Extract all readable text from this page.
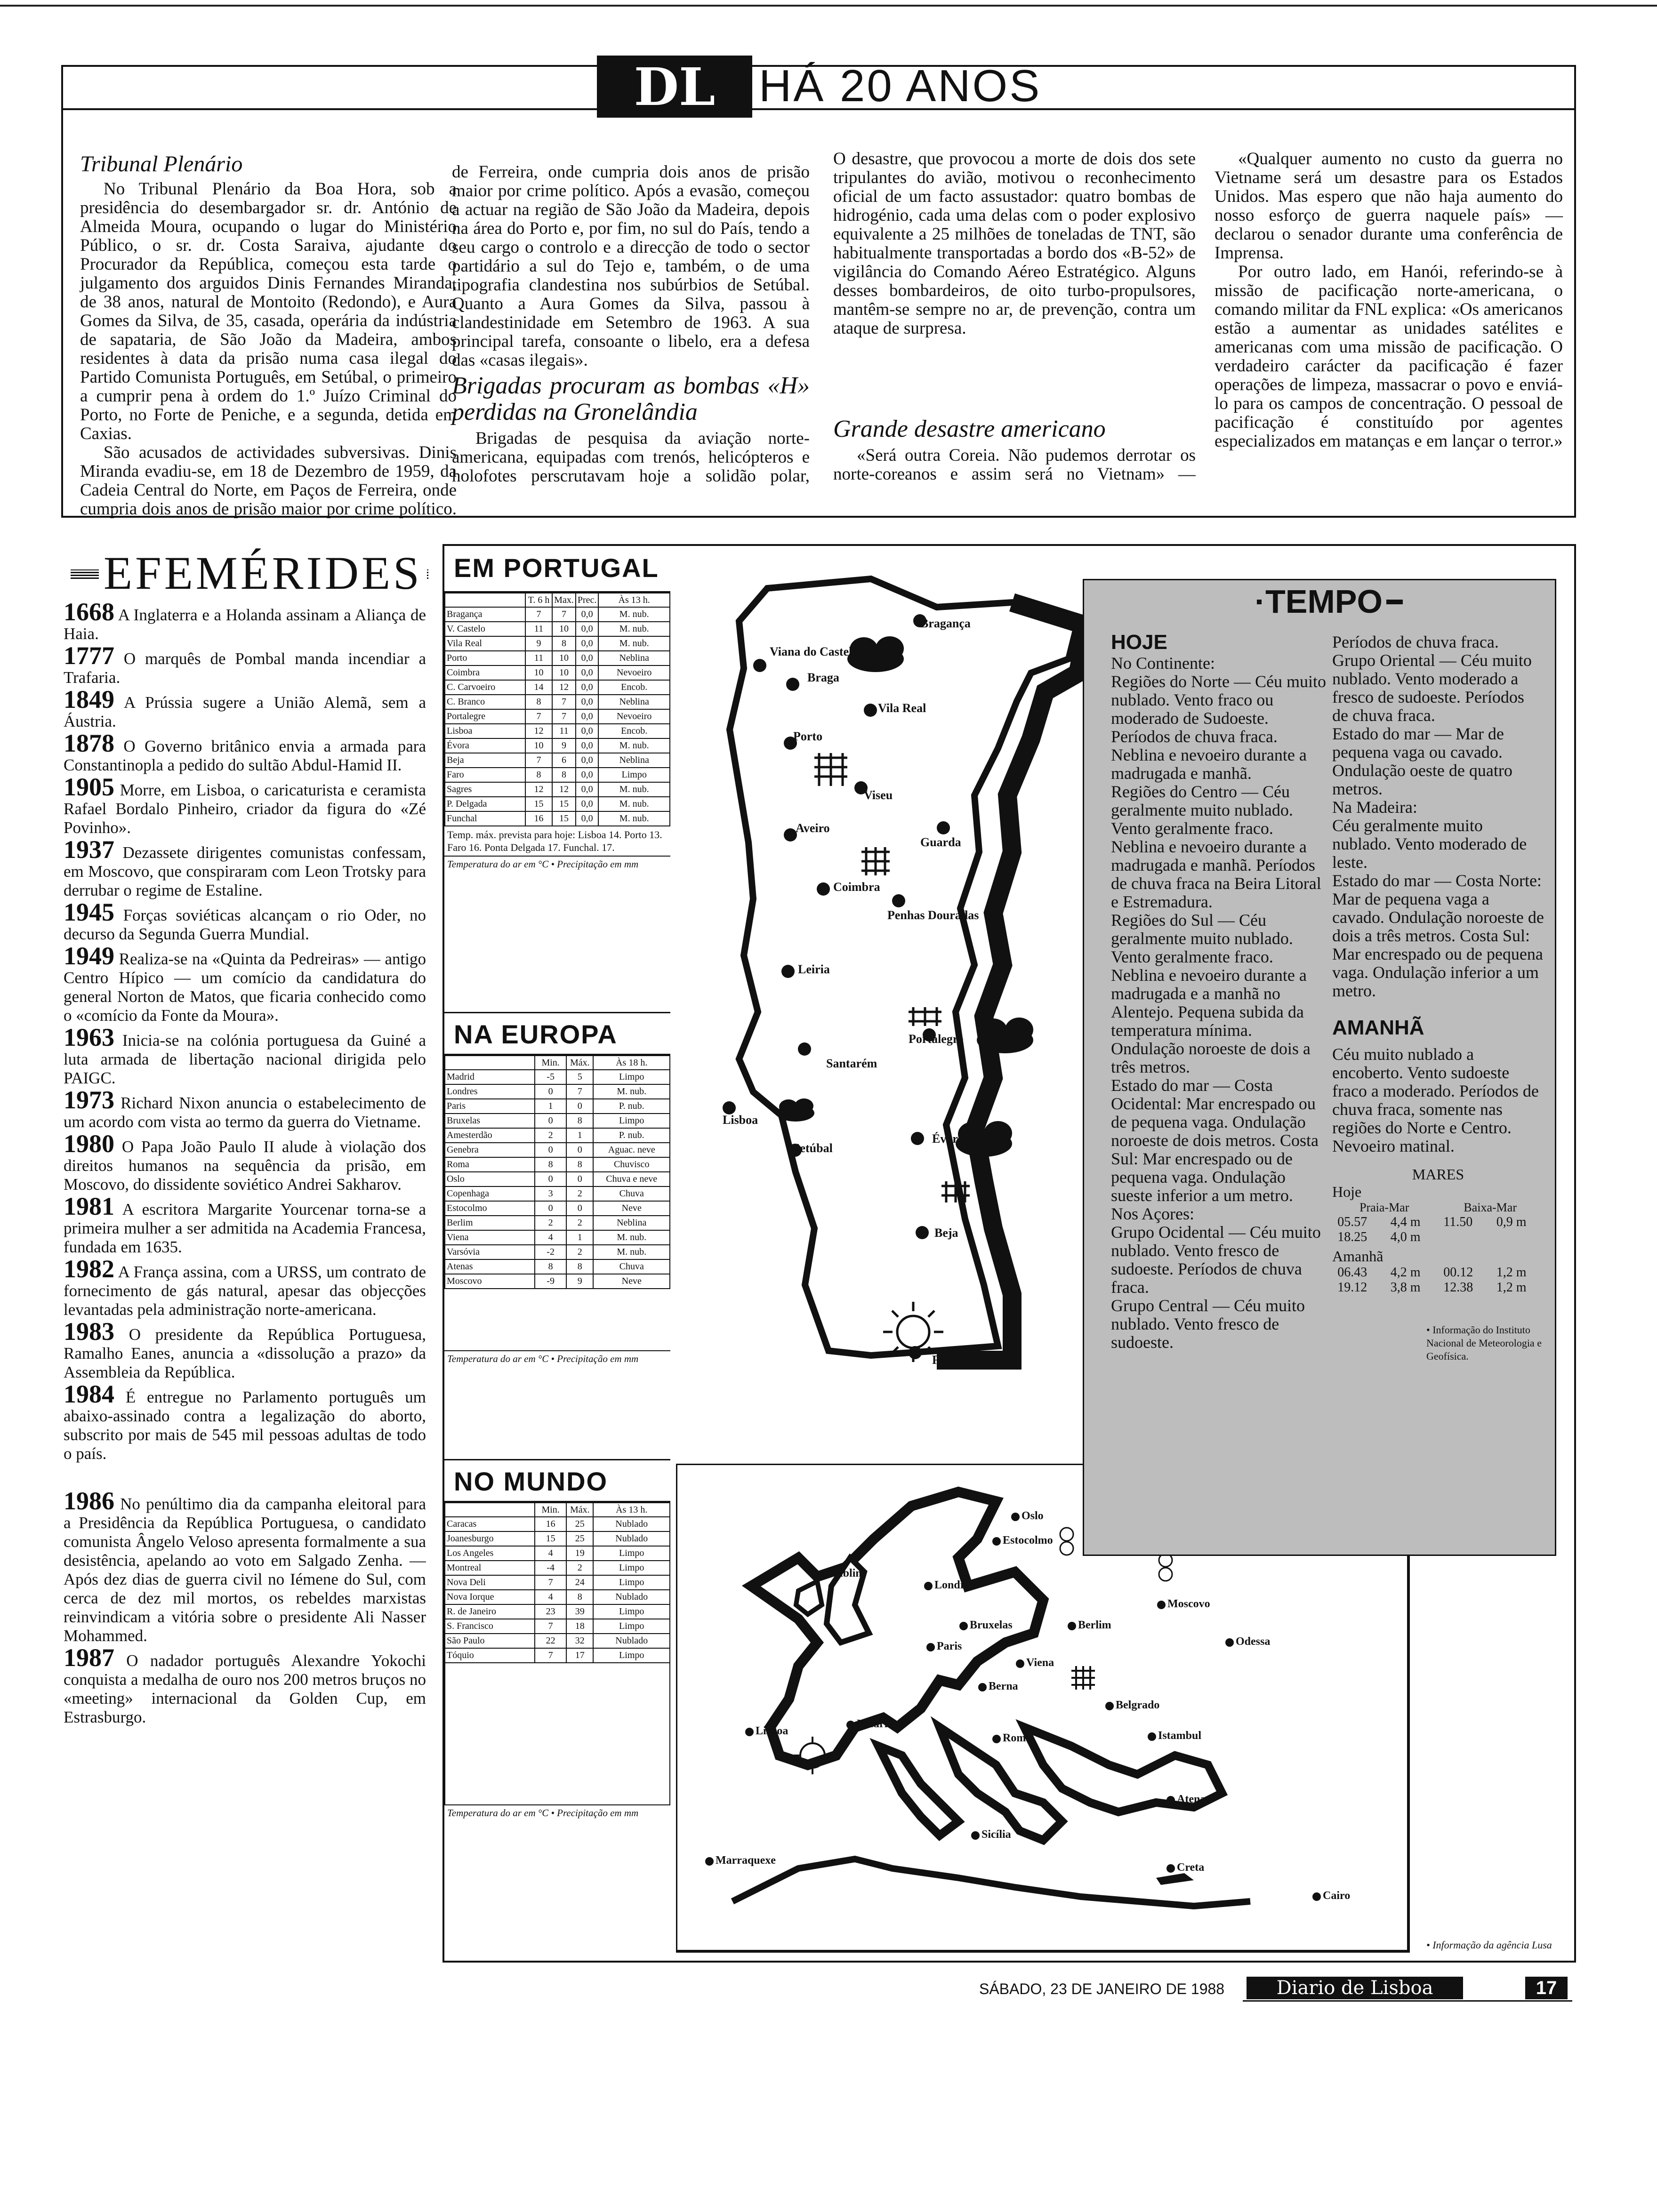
DL HÁ 20 ANOS
Tribunal Plenário

No Tribunal Plenário da Boa Hora, sob a presidência do desembargador sr. dr. António de Almeida Moura, ocupando o lugar do Ministério Público, o sr. dr. Costa Saraiva, ajudante do Procurador da República, começou esta tarde o julgamento dos arguidos Dinis Fernandes Miranda, de 38 anos, natural de Montoito (Redondo), e Aura Gomes da Silva, de 35, casada, operária da indústria de sapataria, de São João da Madeira, ambos residentes à data da prisão numa casa ilegal do Partido Comunista Português, em Setúbal, o primeiro a cumprir pena à ordem do 1.º Juízo Criminal do Porto, no Forte de Peniche, e a segunda, detida em Caxias.

São acusados de actividades subversivas. Dinis Miranda evadiu-se, em 18 de Dezembro de 1959, da Cadeia Central do Norte, em Paços de Ferreira, onde cumpria dois anos de prisão maior por crime político.

de Ferreira, onde cumpria dois anos de prisão maior por crime político. Após a evasão, começou a actuar na região de São João da Madeira, depois na área do Porto e, por fim, no sul do País, tendo a seu cargo o controlo e a direcção de todo o sector partidário a sul do Tejo e, também, o de uma tipografia clandestina nos subúrbios de Setúbal. Quanto a Aura Gomes da Silva, passou à clandestinidade em Setembro de 1963. A sua principal tarefa, consoante o libelo, era a defesa das «casas ilegais».

Brigadas procuram as bombas «H» perdidas na Gronelândia

Brigadas de pesquisa da aviação norte-americana, equipadas com trenós, helicópteros e holofotes perscrutavam hoje a solidão polar,

O desastre, que provocou a morte de dois dos sete tripulantes do avião, motivou o reconhecimento oficial de um facto assustador: quatro bombas de hidrogénio, cada uma delas com o poder explosivo equivalente a 25 milhões de toneladas de TNT, são habitualmente transportadas a bordo dos «B-52» de vigilância do Comando Aéreo Estratégico. Alguns desses bombardeiros, de oito turbo-propulsores, mantêm-se sempre no ar, de prevenção, contra um ataque de surpresa.

Grande desastre americano

«Será outra Coreia. Não pudemos derrotar os norte-coreanos e assim será no Vietnam» —

«Qualquer aumento no custo da guerra no Vietname será um desastre para os Estados Unidos. Mas espero que não haja aumento do nosso esforço de guerra naquele país» — declarou o senador durante uma conferência de Imprensa.

Por outro lado, em Hanói, referindo-se à missão de pacificação norte-americana, o comando militar da FNL explica: «Os americanos estão a aumentar as unidades satélites e americanas com uma missão de pacificação. O verdadeiro carácter da pacificação é fazer operações de limpeza, massacrar o povo e enviá-lo para os campos de concentração. O pessoal de pacificação é constituído por agentes especializados em matanças e em lançar o terror.»

EFEMÉRIDES
1668 A Inglaterra e a Holanda assinam a Aliança de Haia.
1777 O marquês de Pombal manda incendiar a Trafaria.
1849 A Prússia sugere a União Alemã, sem a Áustria.
1878 O Governo britânico envia a armada para Constantinopla a pedido do sultão Abdul-Hamid II.
1905 Morre, em Lisboa, o caricaturista e ceramista Rafael Bordalo Pinheiro, criador da figura do «Zé Povinho».
1937 Dezassete dirigentes comunistas confessam, em Moscovo, que conspiraram com Leon Trotsky para derrubar o regime de Estaline.
1945 Forças soviéticas alcançam o rio Oder, no decurso da Segunda Guerra Mundial.
1949 Realiza-se na «Quinta da Pedreiras» — antigo Centro Hípico — um comício da candidatura do general Norton de Matos, que ficaria conhecido como o «comício da Fonte da Moura».
1963 Inicia-se na colónia portuguesa da Guiné a luta armada de libertação nacional dirigida pelo PAIGC.
1973 Richard Nixon anuncia o estabelecimento de um acordo com vista ao termo da guerra do Vietname.
1980 O Papa João Paulo II alude à violação dos direitos humanos na sequência da prisão, em Moscovo, do dissidente soviético Andrei Sakharov.
1981 A escritora Margarite Yourcenar torna-se a primeira mulher a ser admitida na Academia Francesa, fundada em 1635.
1982 A França assina, com a URSS, um contrato de fornecimento de gás natural, apesar das objecções levantadas pela administração norte-americana.
1983 O presidente da República Portuguesa, Ramalho Eanes, anuncia a «dissolução a prazo» da Assembleia da República.
1984 É entregue no Parlamento português um abaixo-assinado contra a legalização do aborto, subscrito por mais de 545 mil pessoas adultas de todo o país.
1986 No penúltimo dia da campanha eleitoral para a Presidência da República Portuguesa, o candidato comunista Ângelo Veloso apresenta formalmente a sua desistência, apelando ao voto em Salgado Zenha. — Após dez dias de guerra civil no Iémene do Sul, com cerca de dez mil mortos, os rebeldes marxistas reinvindicam a vitória sobre o presidente Ali Nasser Mohammed.
1987 O nadador português Alexandre Yokochi conquista a medalha de ouro nos 200 metros bruços no «meeting» internacional da Golden Cup, em Estrasburgo.
EM PORTUGAL
	T. 6 h	Max.	Prec.	Às 13 h.
Bragança	7	7	0,0	M. nub.
V. Castelo	11	10	0,0	M. nub.
Vila Real	9	8	0,0	M. nub.
Porto	11	10	0,0	Neblina
Coimbra	10	10	0,0	Nevoeiro
C. Carvoeiro	14	12	0,0	Encob.
C. Branco	8	7	0,0	Neblina
Portalegre	7	7	0,0	Nevoeiro
Lisboa	12	11	0,0	Encob.
Évora	10	9	0,0	M. nub.
Beja	7	6	0,0	Neblina
Faro	8	8	0,0	Limpo
Sagres	12	12	0,0	M. nub.
P. Delgada	15	15	0,0	M. nub.
Funchal	16	15	0,0	M. nub.
Temp. máx. prevista para hoje: Lisboa 14. Porto 13. Faro 16. Ponta Delgada 17. Funchal. 17.
Temperatura do ar em °C • Precipitação em mm
NA EUROPA
	Min.	Máx.	Às 18 h.
Madrid	-5	5	Limpo
Londres	0	7	M. nub.
Paris	1	0	P. nub.
Bruxelas	0	8	Limpo
Amesterdão	2	1	P. nub.
Genebra	0	0	Aguac. neve
Roma	8	8	Chuvisco
Oslo	0	0	Chuva e neve
Copenhaga	3	2	Chuva
Estocolmo	0	0	Neve
Berlim	2	2	Neblina
Viena	4	1	M. nub.
Varsóvia	-2	2	M. nub.
Atenas	8	8	Chuva
Moscovo	-9	9	Neve
Temperatura do ar em °C • Precipitação em mm
NO MUNDO
	Min.	Máx.	Às 13 h.
Caracas	16	25	Nublado
Joanesburgo	15	25	Nublado
Los Angeles	4	19	Limpo
Montreal	-4	2	Limpo
Nova Deli	7	24	Limpo
Nova Iorque	4	8	Nublado
R. de Janeiro	23	39	Limpo
S. Francisco	7	18	Limpo
São Paulo	22	32	Nublado
Tóquio	7	17	Limpo
Temperatura do ar em °C • Precipitação em mm
Bragança
Viana do Castelo
Braga
Vila Real
Porto
Viseu
Aveiro
Guarda
Coimbra
Penhas Douradas
Leiria
Portalegre
Santarém
Lisboa
Setúbal
Évora
Beja
Faro
Oslo
Estocolmo
Dublin
Londres
Moscovo
Bruxelas	Berlim
Paris
Viena
Odessa
Berna
Belgrado
Lisboa
Madrid
Istambul
Roma
Atenas
Sicília
Marraquexe
Creta
Cairo
• Informação da agência Lusa
TEMPO
HOJE
No Continente:
Regiões do Norte — Céu muito nublado. Vento fraco ou moderado de Sudoeste. Períodos de chuva fraca. Neblina e nevoeiro durante a madrugada e manhã.
Regiões do Centro — Céu geralmente muito nublado. Vento geralmente fraco. Neblina e nevoeiro durante a madrugada e manhã. Períodos de chuva fraca na Beira Litoral e Estremadura.
Regiões do Sul — Céu geralmente muito nublado. Vento geralmente fraco. Neblina e nevoeiro durante a madrugada e a manhã no Alentejo. Pequena subida da temperatura mínima. Ondulação noroeste de dois a três metros.
Estado do mar — Costa Ocidental: Mar encrespado ou de pequena vaga. Ondulação noroeste de dois metros. Costa Sul: Mar encrespado ou de pequena vaga. Ondulação sueste inferior a um metro.
Nos Açores:
Grupo Ocidental — Céu muito nublado. Vento fresco de sudoeste. Períodos de chuva fraca.
Grupo Central — Céu muito nublado. Vento fresco de sudoeste.
Períodos de chuva fraca.
Grupo Oriental — Céu muito nublado. Vento moderado a fresco de sudoeste. Períodos de chuva fraca.
Estado do mar — Mar de pequena vaga ou cavado. Ondulação oeste de quatro metros.
Na Madeira:
Céu geralmente muito nublado. Vento moderado de leste.
Estado do mar — Costa Norte: Mar de pequena vaga a cavado. Ondulação noroeste de dois a três metros. Costa Sul: Mar encrespado ou de pequena vaga. Ondulação inferior a um metro.
AMANHÃ
Céu muito nublado a encoberto. Vento sudoeste fraco a moderado. Períodos de chuva fraca, somente nas regiões do Norte e Centro. Nevoeiro matinal.
MARES
Hoje
Praia-Mar	Baixa-Mar
05.57	4,4 m	11.50	0,9 m
18.25	4,0 m
Amanhã
06.43	4,2 m	00.12	1,2 m
19.12	3,8 m	12.38	1,2 m
• Informação do Instituto Nacional de Meteorologia e Geofísica.
SÁBADO, 23 DE JANEIRO DE 1988	Diario de Lisboa	17
